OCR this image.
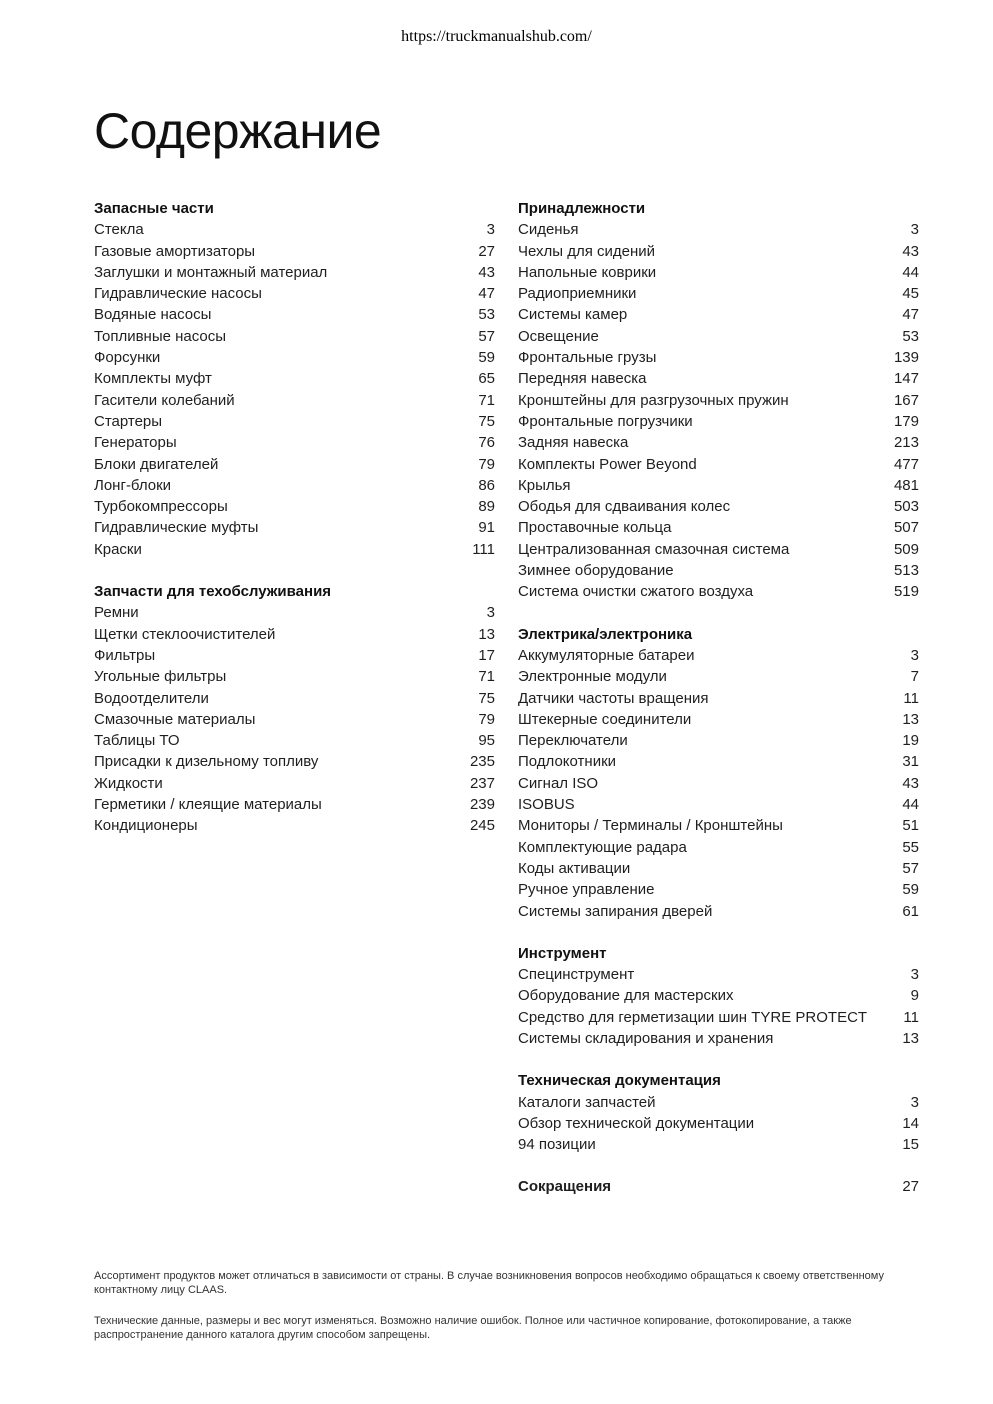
https://truckmanualshub.com/
Содержание
Запасные части
Стекла	3
Газовые амортизаторы	27
Заглушки и монтажный материал	43
Гидравлические насосы	47
Водяные насосы	53
Топливные насосы	57
Форсунки	59
Комплекты муфт	65
Гасители колебаний	71
Стартеры	75
Генераторы	76
Блоки двигателей	79
Лонг-блоки	86
Турбокомпрессоры	89
Гидравлические муфты	91
Краски	111
Запчасти для техобслуживания
Ремни	3
Щетки стеклоочистителей	13
Фильтры	17
Угольные фильтры	71
Водоотделители	75
Смазочные материалы	79
Таблицы ТО	95
Присадки к дизельному топливу	235
Жидкости	237
Герметики / клеящие материалы	239
Кондиционеры	245
Принадлежности
Сиденья	3
Чехлы для сидений	43
Напольные коврики	44
Радиоприемники	45
Системы камер	47
Освещение	53
Фронтальные грузы	139
Передняя навеска	147
Кронштейны для разгрузочных пружин	167
Фронтальные погрузчики	179
Задняя навеска	213
Комплекты Power Beyond	477
Крылья	481
Ободья для сдваивания колес	503
Проставочные кольца	507
Централизованная смазочная система	509
Зимнее оборудование	513
Система очистки сжатого воздуха	519
Электрика/электроника
Аккумуляторные батареи	3
Электронные модули	7
Датчики частоты вращения	11
Штекерные соединители	13
Переключатели	19
Подлокотники	31
Сигнал ISO	43
ISOBUS	44
Мониторы / Терминалы / Кронштейны	51
Комплектующие радара	55
Коды активации	57
Ручное управление	59
Системы запирания дверей	61
Инструмент
Специнструмент	3
Оборудование для мастерских	9
Средство для герметизации шин TYRE PROTECT 11
Системы складирования и хранения	13
Техническая документация
Каталоги запчастей	3
Обзор технической документации	14
94 позиции	15
Сокращения	27
Ассортимент продуктов может отличаться в зависимости от страны. В случае возникновения вопросов необходимо обращаться к своему ответственному контактному лицу CLAAS.
Технические данные, размеры и вес могут изменяться. Возможно наличие ошибок. Полное или частичное копирование, фотокопирование, а также распространение данного каталога другим способом запрещены.
